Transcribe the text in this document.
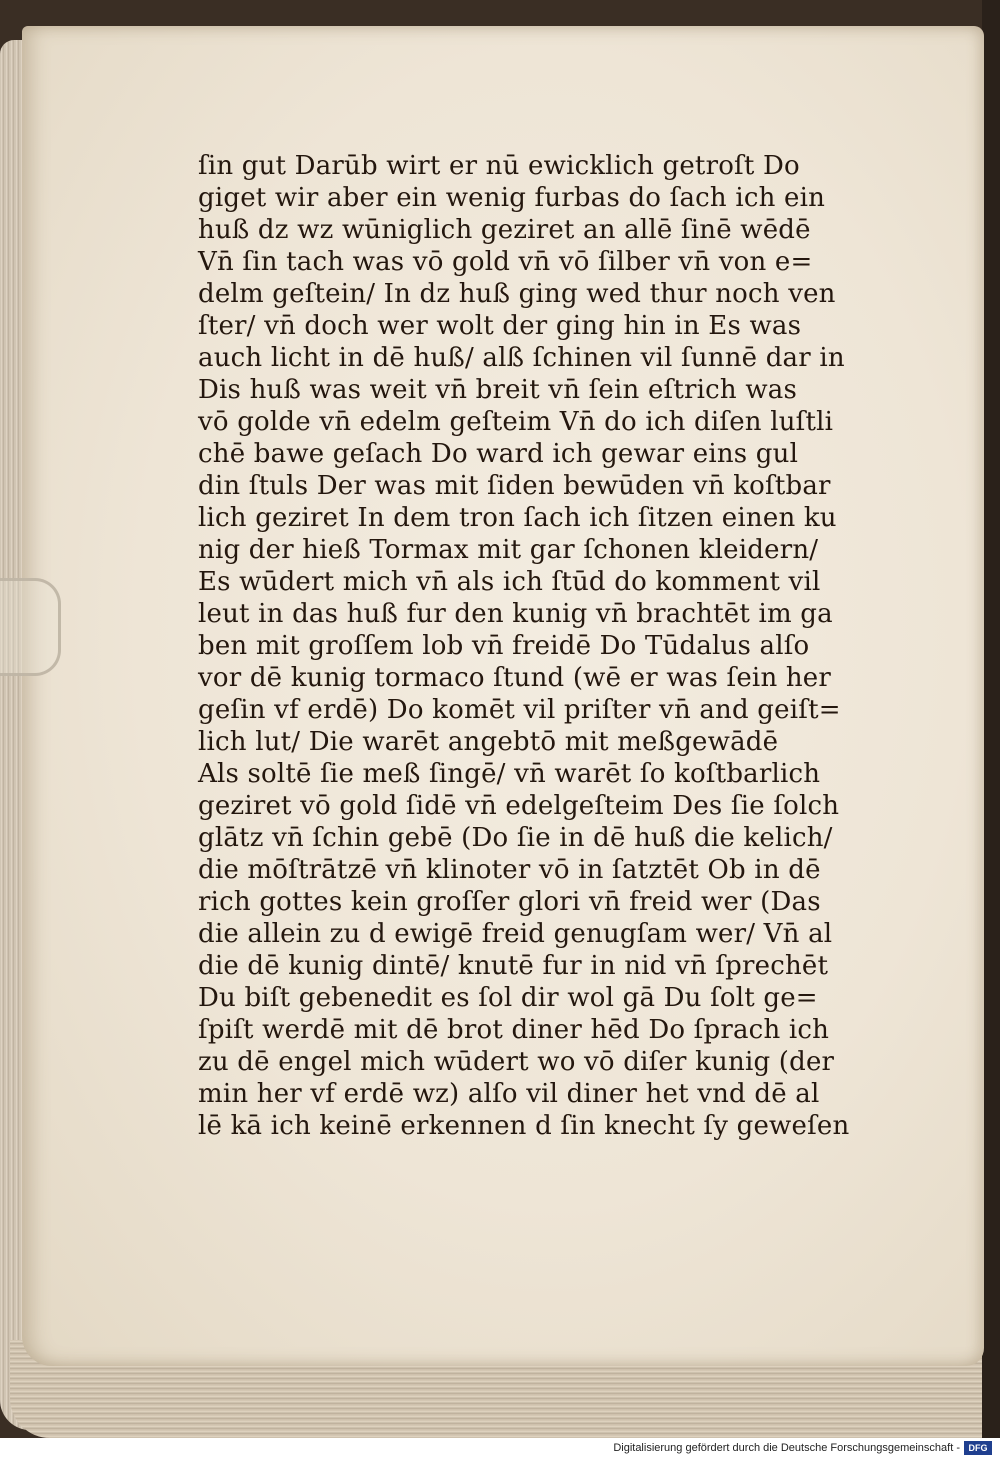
ſin gut Darūb wirt er nū ewicklich getroſt Do
giget wir aber ein wenig furbas do ſach ich ein
huß dz wz wūniglich geziret an allē ſinē wēdē
Vn̄ ſin tach was vō gold vn̄ vō ſilber vn̄ von e=
delm geſtein/ In dz huß ging wed thur noch ven
ſter/ vn̄ doch wer wolt der ging hin in Es was
auch licht in dē huß/ alß ſchinen vil ſunnē dar in
Dis huß was weit vn̄ breit vn̄ ſein eſtrich was
vō golde vn̄ edelm geſteim Vn̄ do ich diſen luſtli
chē bawe geſach Do ward ich gewar eins gul
din ſtuls Der was mit ſiden bewūden vn̄ koſtbar
lich geziret In dem tron ſach ich ſitzen einen ku
nig der hieß Tormax mit gar ſchonen kleidern/
Es wūdert mich vn̄ als ich ſtūd do komment vil
leut in das huß fur den kunig vn̄ brachtēt im ga
ben mit groſſem lob vn̄ freidē Do Tūdalus alſo
vor dē kunig tormaco ſtund (wē er was ſein her
geſin vf erdē) Do komēt vil priſter vn̄ and geiſt=
lich lut/ Die warēt angebtō mit meßgewādē
Als soltē ſie meß ſingē/ vn̄ warēt ſo koſtbarlich
geziret vō gold ſidē vn̄ edelgeſteim Des ſie ſolch
glātz vn̄ ſchin gebē (Do ſie in dē huß die kelich/
die mōſtrātzē vn̄ klinoter vō in ſatztēt Ob in dē
rich gottes kein groſſer glori vn̄ freid wer (Das
die allein zu d ewigē freid genugſam wer/ Vn̄ al
die dē kunig dintē/ knutē fur in nid vn̄ ſprechēt
Du biſt gebenedit es ſol dir wol gā Du ſolt ge=
ſpiſt werdē mit dē brot diner hēd Do ſprach ich
zu dē engel mich wūdert wo vō diſer kunig (der
min her vf erdē wz) alſo vil diner het vnd dē al
lē kā ich keinē erkennen d ſin knecht ſy geweſen
Digitalisierung gefördert durch die Deutsche Forschungsgemeinschaft - DFG
